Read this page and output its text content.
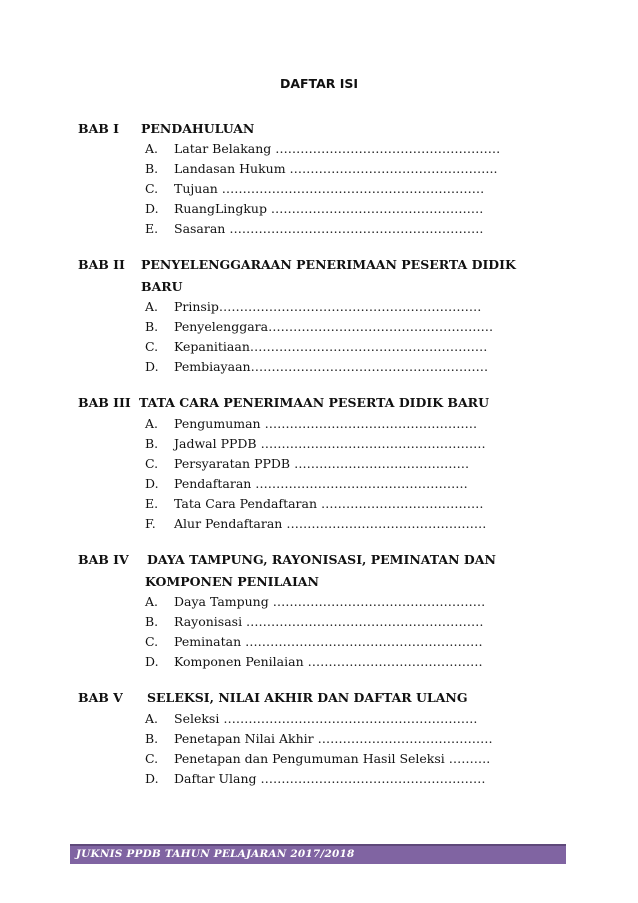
DAFTAR ISI
BAB I PENDAHULUAN
A.	Latar Belakang ………………………………………………
B.	Landasan Hukum …………………………………………..
C.	Tujuan ………………………………………………………
D.	RuangLingkup ……………………………………………
E.	Sasaran …………………………………………………….
BAB II PENYELENGGARAAN PENERIMAAN PESERTA DIDIK
BARU
A.	Prinsip………………………………………………………
B.	Penyelenggara………………………………………………
C.	Kepanitiaan…………………………………………………
D.	Pembiayaan…………………………………………………
BAB III TATA CARA PENERIMAAN PESERTA DIDIK BARU
A.	Pengumuman ……………………………………………
B.	Jadwal PPDB ………………………………………………
C.	Persyaratan PPDB ……………………………………
D.	Pendaftaran ……………………………………………
E.	Tata Cara Pendaftaran …………………………………
F.	Alur Pendaftaran …………………………………………
BAB IV DAYA TAMPUNG, RAYONISASI, PEMINATAN DAN
KOMPONEN PENILAIAN
A.	Daya Tampung ……………………………………………
B.	Rayonisasi …………………………………………………
C.	Peminatan …………………………………………………
D.	Komponen Penilaian ……………………………………
BAB V SELEKSI, NILAI AKHIR DAN DAFTAR ULANG
A.	Seleksi …………………………………………………….
B.	Penetapan Nilai Akhir ……………………………………
C.	Penetapan dan Pengumuman Hasil Seleksi ……….
D.	Daftar Ulang ………………………………………………
JUKNIS PPDB TAHUN PELAJARAN 2017/2018
